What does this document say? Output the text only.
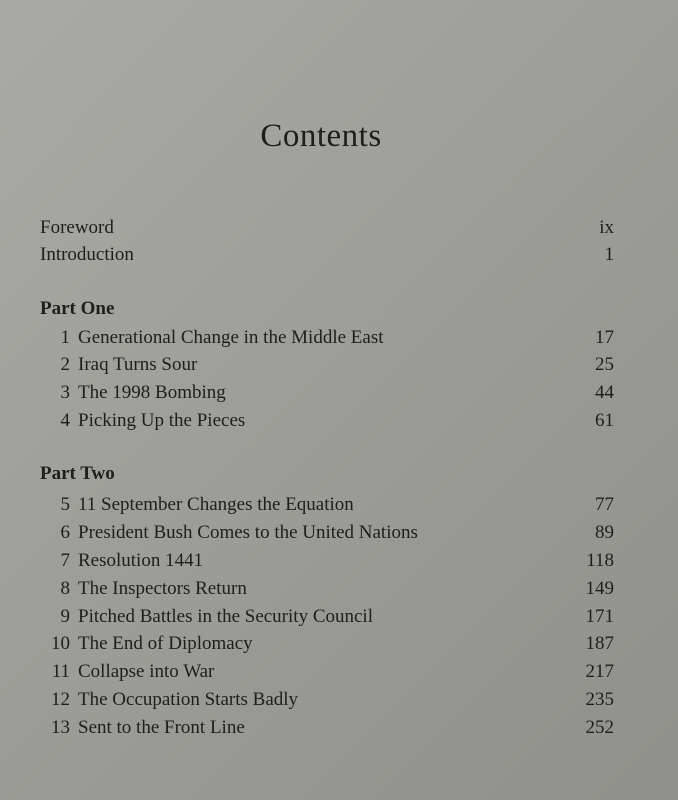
Contents
Foreword	ix
Introduction	1
Part One
1 Generational Change in the Middle East	17
2 Iraq Turns Sour	25
3 The 1998 Bombing	44
4 Picking Up the Pieces	61
Part Two
5 11 September Changes the Equation	77
6 President Bush Comes to the United Nations	89
7 Resolution 1441	118
8 The Inspectors Return	149
9 Pitched Battles in the Security Council	171
10 The End of Diplomacy	187
11 Collapse into War	217
12 The Occupation Starts Badly	235
13 Sent to the Front Line	252
